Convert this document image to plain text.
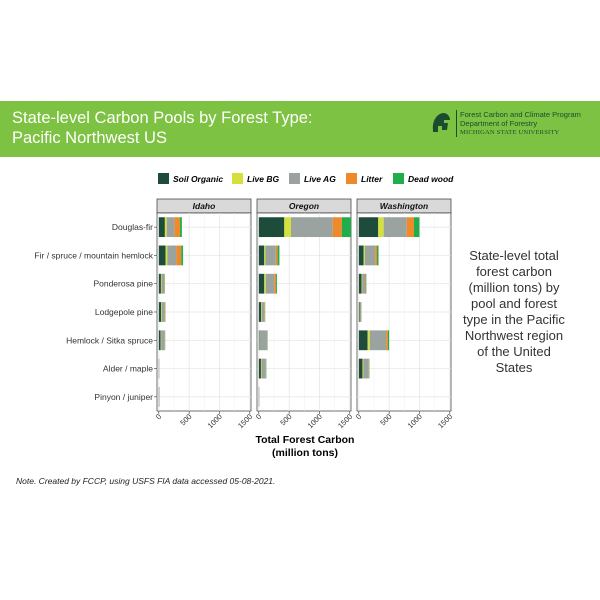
State-level Carbon Pools by Forest Type:
Pacific Northwest US
Forest Carbon and Climate Program
Department of Forestry
MICHIGAN STATE UNIVERSITY
Soil Organic	Live BG	Live AG	Litter	Dead wood
Douglas-fir
Fir / spruce / mountain hemlock
Ponderosa pine
Lodgepole pine
Hemlock / Sitka spruce
Alder / maple
Pinyon / juniper
Idaho
0 500 1000 1500
Oregon
0 500 1000 1500
Washington
0 500 1000 1500
Total Forest Carbon
(million tons)
State-level total forest carbon (million tons) by pool and forest type in the Pacific Northwest region of the United States
Note. Created by FCCP, using USFS FIA data accessed 05-08-2021.
